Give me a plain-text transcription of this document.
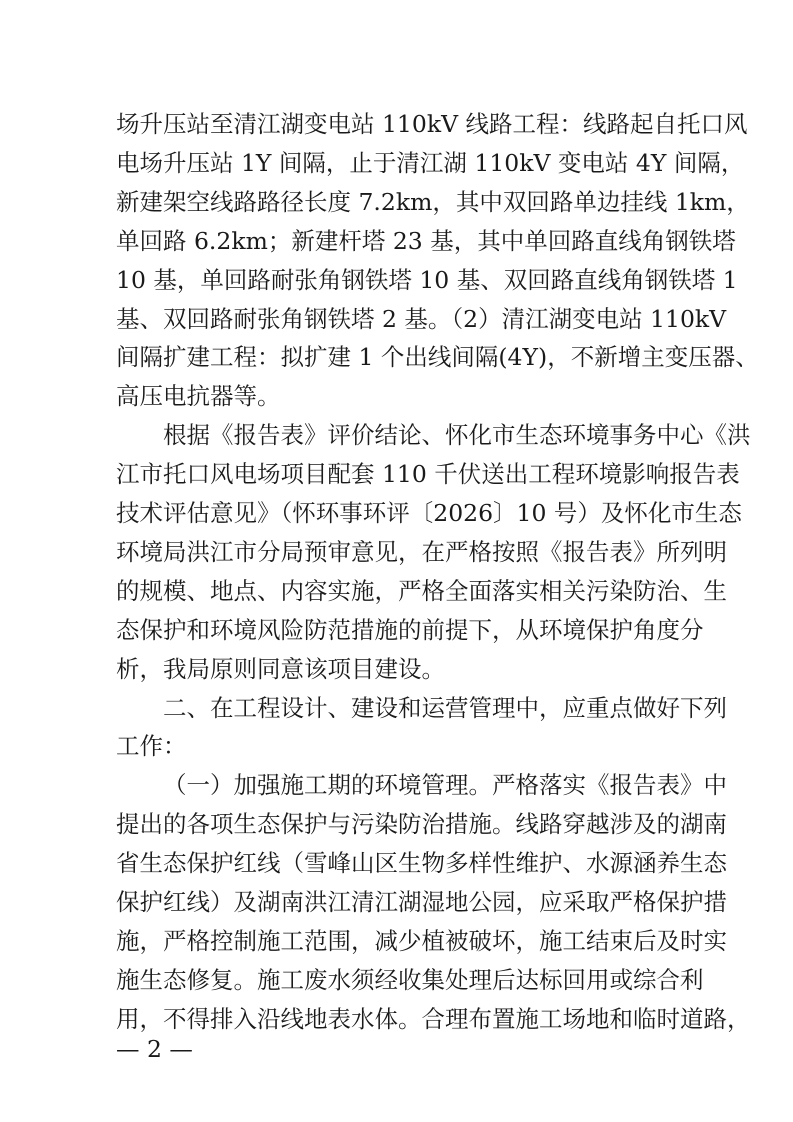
场升压站至清江湖变电站 110kV 线路工程：线路起自托口风
电场升压站 1Y 间隔，止于清江湖 110kV 变电站 4Y 间隔，
新建架空线路路径长度 7.2km，其中双回路单边挂线 1km，
单回路 6.2km；新建杆塔 23 基，其中单回路直线角钢铁塔
10 基，单回路耐张角钢铁塔 10 基、双回路直线角钢铁塔 1
基、双回路耐张角钢铁塔 2 基。（2）清江湖变电站 110kV
间隔扩建工程：拟扩建 1 个出线间隔(4Y)，不新增主变压器、
高压电抗器等。
根据《报告表》评价结论、怀化市生态环境事务中心《洪
江市托口风电场项目配套 110 千伏送出工程环境影响报告表
技术评估意见》（怀环事环评〔2026〕10 号）及怀化市生态
环境局洪江市分局预审意见，在严格按照《报告表》所列明
的规模、地点、内容实施，严格全面落实相关污染防治、生
态保护和环境风险防范措施的前提下，从环境保护角度分
析，我局原则同意该项目建设。
二、在工程设计、建设和运营管理中，应重点做好下列
工作：
（一）加强施工期的环境管理。严格落实《报告表》中
提出的各项生态保护与污染防治措施。线路穿越涉及的湖南
省生态保护红线（雪峰山区生物多样性维护、水源涵养生态
保护红线）及湖南洪江清江湖湿地公园，应采取严格保护措
施，严格控制施工范围，减少植被破坏，施工结束后及时实
施生态修复。施工废水须经收集处理后达标回用或综合利
用，不得排入沿线地表水体。合理布置施工场地和临时道路，
— 2 —
